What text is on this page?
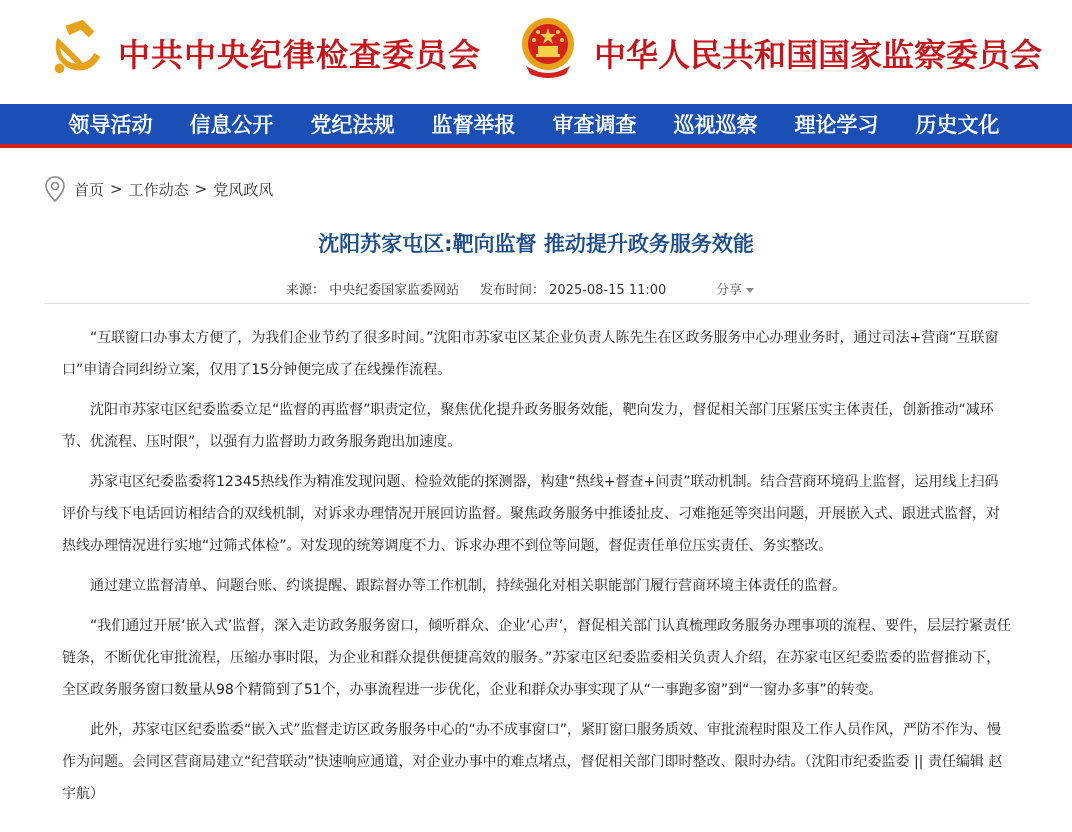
中共中央纪律检查委员会	中华人民共和国国家监察委员会
领导活动	信息公开	党纪法规	监督举报	审查调查	巡视巡察	理论学习	历史文化
首页 > 工作动态 > 党风政风
沈阳苏家屯区:靶向监督 推动提升政务服务效能
来源： 中央纪委国家监委网站 发布时间： 2025-08-15 11:00	分享

“互联窗口办事太方便了，为我们企业节约了很多时间。”沈阳市苏家屯区某企业负责人陈先生在区政务服务中心办理业务时，通过司法+营商“互联窗口”申请合同纠纷立案，仅用了15分钟便完成了在线操作流程。

沈阳市苏家屯区纪委监委立足“监督的再监督”职责定位，聚焦优化提升政务服务效能，靶向发力，督促相关部门压紧压实主体责任，创新推动“减环节、优流程、压时限”，以强有力监督助力政务服务跑出加速度。

苏家屯区纪委监委将12345热线作为精准发现问题、检验效能的探测器，构建“热线+督查+问责”联动机制。结合营商环境码上监督，运用线上扫码评价与线下电话回访相结合的双线机制，对诉求办理情况开展回访监督。聚焦政务服务中推诿扯皮、刁难拖延等突出问题，开展嵌入式、跟进式监督，对热线办理情况进行实地“过筛式体检”。对发现的统筹调度不力、诉求办理不到位等问题，督促责任单位压实责任、务实整改。

通过建立监督清单、问题台账、约谈提醒、跟踪督办等工作机制，持续强化对相关职能部门履行营商环境主体责任的监督。

“我们通过开展‘嵌入式’监督，深入走访政务服务窗口，倾听群众、企业‘心声’，督促相关部门认真梳理政务服务办理事项的流程、要件，层层拧紧责任链条，不断优化审批流程，压缩办事时限，为企业和群众提供便捷高效的服务。”苏家屯区纪委监委相关负责人介绍，在苏家屯区纪委监委的监督推动下，全区政务服务窗口数量从98个精简到了51个，办事流程进一步优化，企业和群众办事实现了从“一事跑多窗”到“一窗办多事”的转变。

此外，苏家屯区纪委监委“嵌入式”监督走访区政务服务中心的“办不成事窗口”，紧盯窗口服务质效、审批流程时限及工作人员作风，严防不作为、慢作为问题。会同区营商局建立“纪营联动”快速响应通道，对企业办事中的难点堵点，督促相关部门即时整改、限时办结。（沈阳市纪委监委 || 责任编辑 赵宇航）
